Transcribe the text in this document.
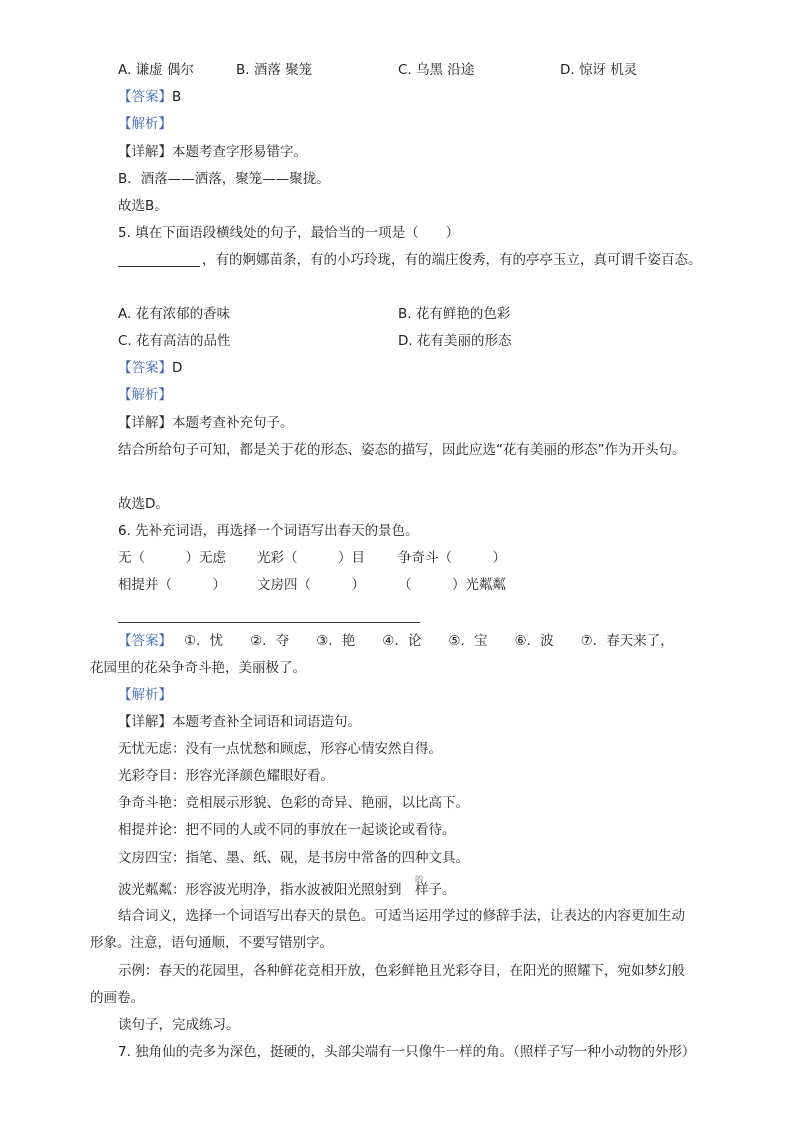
A. 谦虚 偶尔	B. 酒落 聚笼	C. 乌黑 沿途	D. 惊讶 机灵
【答案】B
【解析】
【详解】本题考查字形易错字。
B．酒落——洒落，聚笼——聚拢。
故选B。
5. 填在下面语段横线处的句子，最恰当的一项是（　　）
，有的婀娜苗条，有的小巧玲珑，有的端庄俊秀，有的亭亭玉立，真可谓千姿百态。
A. 花有浓郁的香味	B. 花有鲜艳的色彩
C. 花有高洁的品性	D. 花有美丽的形态
【答案】D
【解析】
【详解】本题考查补充句子。
结合所给句子可知，都是关于花的形态、姿态的描写，因此应选“花有美丽的形态”作为开头句。
故选D。
6. 先补充词语，再选择一个词语写出春天的景色。
无（　　　）无虑 光彩（　　　）目 争奇斗（　　　）
相提并（　　　） 文房四（　　　） （　　　）光粼粼
【答案】 ①．忧　　②．夺　　③．艳　　④．论　　⑤．宝　　⑥．波　　⑦．春天来了，
花园里的花朵争奇斗艳，美丽极了。
【解析】
【详解】本题考查补全词语和词语造句。
无忧无虑：没有一点忧愁和顾虑，形容心情安然自得。
光彩夺目：形容光泽颜色耀眼好看。
争奇斗艳：竞相展示形貌、色彩的奇异、艳丽，以比高下。
相提并论：把不同的人或不同的事放在一起谈论或看待。
文房四宝：指笔、墨、纸、砚，是书房中常备的四种文具。
波光粼粼：形容波光明净，指水波被阳光照射到　样子。
的
结合词义，选择一个词语写出春天的景色。可适当运用学过的修辞手法，让表达的内容更加生动
形象。注意，语句通顺，不要写错别字。
示例：春天的花园里，各种鲜花竞相开放，色彩鲜艳且光彩夺目，在阳光的照耀下，宛如梦幻般
的画卷。
读句子，完成练习。
7. 独角仙的壳多为深色，挺硬的，头部尖端有一只像牛一样的角。（照样子写一种小动物的外形）
